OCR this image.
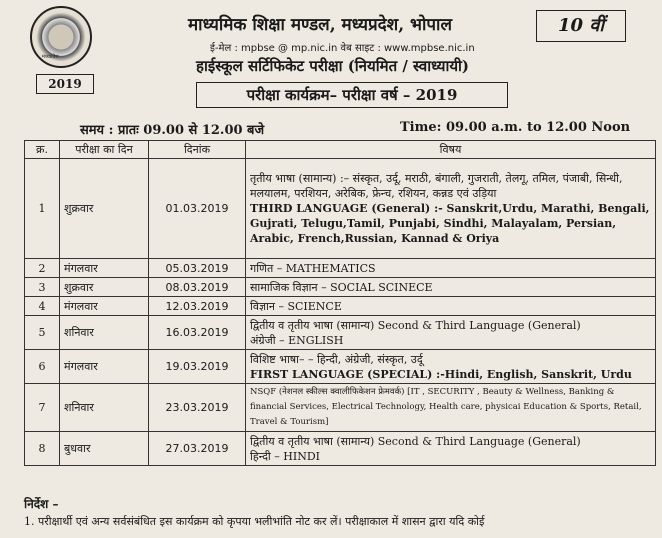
मध्यप्रदेश
2019
10 वीं
माध्यमिक शिक्षा मण्डल, मध्यप्रदेश, भोपाल
ई-मेल : mpbse @ mp.nic.in वेब साइट : www.mpbse.nic.in
हाईस्कूल सर्टिफिकेट परीक्षा (नियमित / स्वाध्यायी)
परीक्षा कार्यक्रम– परीक्षा वर्ष – 2019
समय : प्रातः 09.00 से 12.00 बजे	Time: 09.00 a.m. to 12.00 Noon
क्र.	परीक्षा का दिन	दिनांक	विषय
1	शुक्रवार	01.03.2019	तृतीय भाषा (सामान्य) :– संस्कृत, उर्दू, मराठी, बंगाली, गुजराती, तेलगू, तमिल, पंजाबी, सिन्धी, मलयालम, परशियन, अरेबिक, फ्रेन्च, रशियन, कन्नड एवं उड़िया
THIRD LANGUAGE (General) :- Sanskrit,Urdu, Marathi, Bengali, Gujrati, Telugu,Tamil, Punjabi, Sindhi, Malayalam, Persian, Arabic, French,Russian, Kannad & Oriya

2	मंगलवार	05.03.2019	गणित – MATHEMATICS
3	शुक्रवार	08.03.2019	सामाजिक विज्ञान – SOCIAL SCINECE
4	मंगलवार	12.03.2019	विज्ञान – SCIENCE
5	शनिवार	16.03.2019	द्वितीय व तृतीय भाषा (सामान्य) Second & Third Language (General)
अंग्रेजी – ENGLISH

6	मंगलवार	19.03.2019	विशिष्ट भाषा– – हिन्दी, अंग्रेजी, संस्कृत, उर्दू
FIRST LANGUAGE (SPECIAL) :-Hindi, English, Sanskrit, Urdu

7	शनिवार	23.03.2019	NSQF (नेशनल स्कील्स क्वालीफिकेशन फ्रेमवर्क) [IT , SECURITY , Beauty & Wellness, Banking & financial Services, Electrical Technology, Health care, physicai Education & Sports, Retail, Travel & Tourism]
8	बुधवार	27.03.2019	द्वितीय व तृतीय भाषा (सामान्य) Second & Third Language (General)
हिन्दी – HINDI
निर्देश –
1. परीक्षार्थी एवं अन्य सर्वसंबंधित इस कार्यक्रम को कृपया भलीभांति नोट कर लें। परीक्षाकाल में शासन द्वारा यदि कोई
